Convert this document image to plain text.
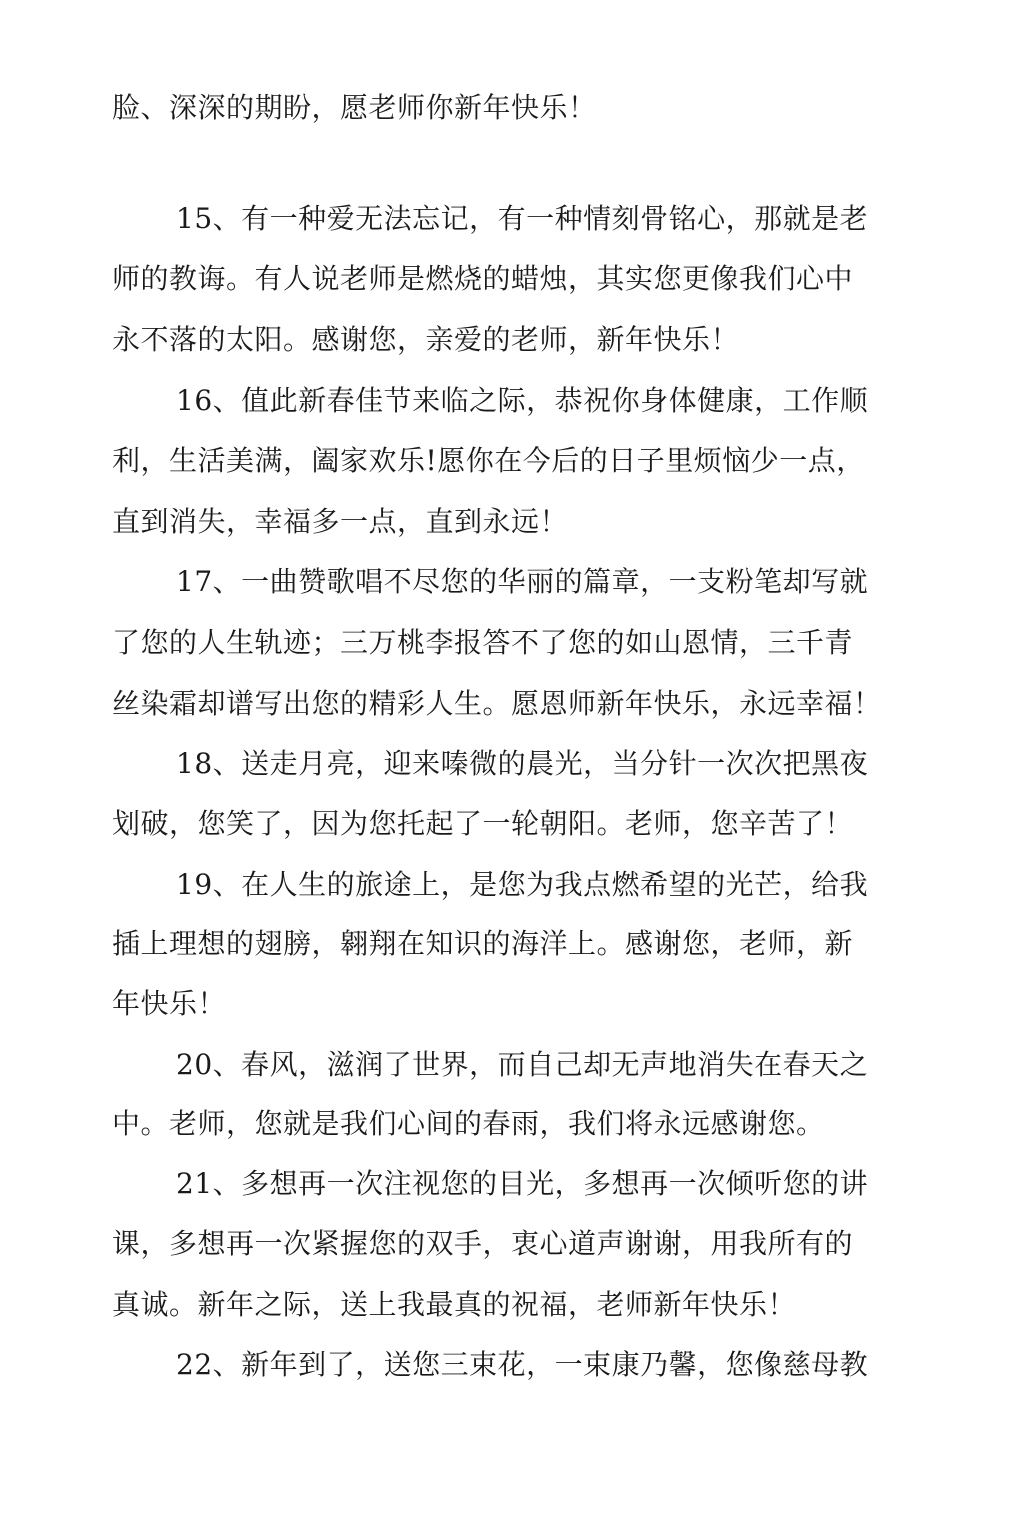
脸、深深的期盼，愿老师你新年快乐！
15、有一种爱无法忘记，有一种情刻骨铭心，那就是老
师的教诲。有人说老师是燃烧的蜡烛，其实您更像我们心中
永不落的太阳。感谢您，亲爱的老师，新年快乐！
16、值此新春佳节来临之际，恭祝你身体健康，工作顺
利，生活美满，阖家欢乐!愿你在今后的日子里烦恼少一点，
直到消失，幸福多一点，直到永远！
17、一曲赞歌唱不尽您的华丽的篇章，一支粉笔却写就
了您的人生轨迹；三万桃李报答不了您的如山恩情，三千青
丝染霜却谱写出您的精彩人生。愿恩师新年快乐，永远幸福！
18、送走月亮，迎来嗪微的晨光，当分针一次次把黑夜
划破，您笑了，因为您托起了一轮朝阳。老师，您辛苦了！
19、在人生的旅途上，是您为我点燃希望的光芒，给我
插上理想的翅膀，翱翔在知识的海洋上。感谢您，老师，新
年快乐！
20、春风，滋润了世界，而自己却无声地消失在春天之
中。老师，您就是我们心间的春雨，我们将永远感谢您。
21、多想再一次注视您的目光，多想再一次倾听您的讲
课，多想再一次紧握您的双手，衷心道声谢谢，用我所有的
真诚。新年之际，送上我最真的祝福，老师新年快乐！
22、新年到了，送您三束花，一束康乃馨，您像慈母教
